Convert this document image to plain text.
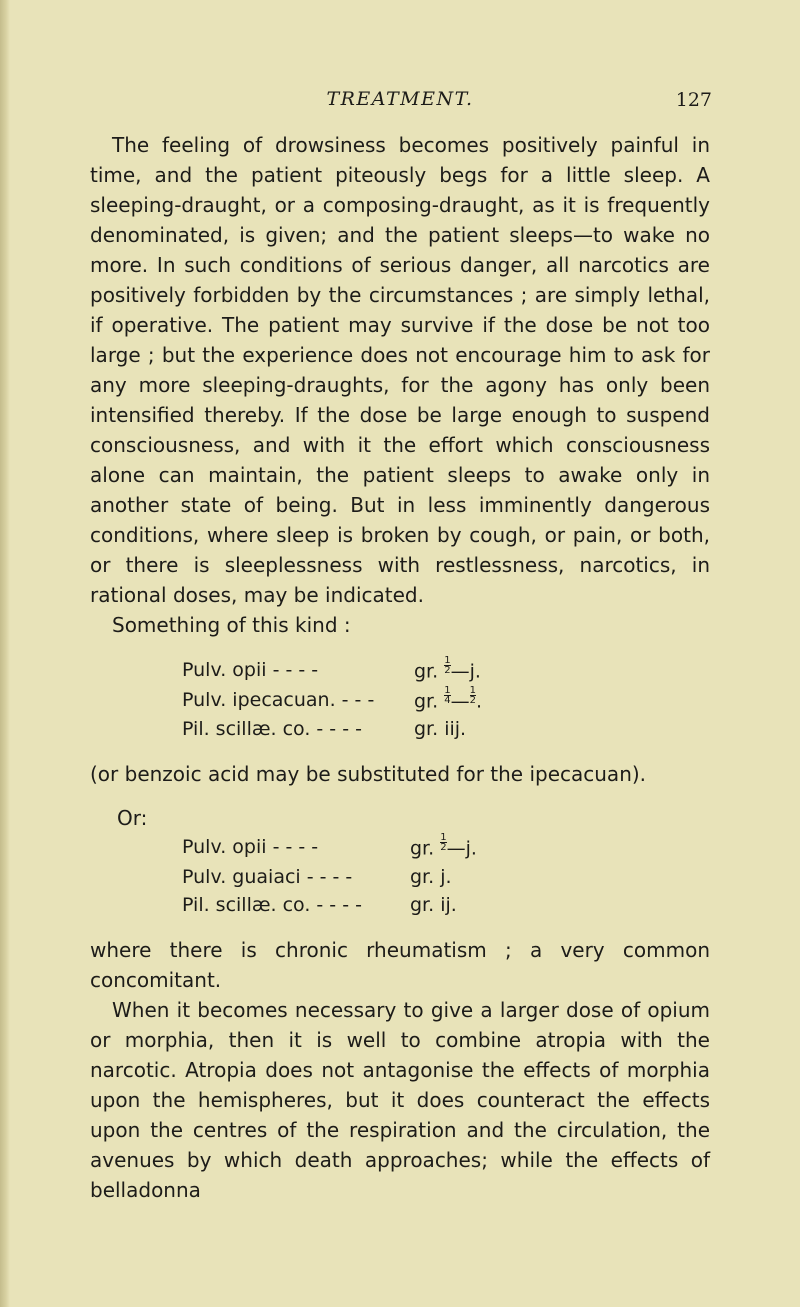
TREATMENT.	127

The feeling of drowsiness becomes positively painful in time, and the patient piteously begs for a little sleep. A sleeping-draught, or a composing-draught, as it is frequently denominated, is given; and the patient sleeps—to wake no more. In such conditions of serious danger, all narcotics are positively forbidden by the circumstances ; are simply lethal, if operative. The patient may survive if the dose be not too large ; but the experience does not encourage him to ask for any more sleeping-draughts, for the agony has only been intensified thereby. If the dose be large enough to suspend consciousness, and with it the effort which consciousness alone can maintain, the patient sleeps to awake only in another state of being. But in less imminently dangerous conditions, where sleep is broken by cough, or pain, or both, or there is sleeplessness with restlessness, narcotics, in rational doses, may be indicated.

Something of this kind :

Pulv. opii - - - -	gr. $\frac{1}{2}$ —j.
Pulv. ipecacuan. - - -	gr. $\frac{1}{4}$ — $\frac{1}{2}$ .
Pil. scillæ. co. - - - -	gr. iij.

(or benzoic acid may be substituted for the ipecacuan).

Or:
Pulv. opii - - - -	gr. $\frac{1}{2}$ —j.
Pulv. guaiaci - - - -	gr. j.
Pil. scillæ. co. - - - -	gr. ij.

where there is chronic rheumatism ; a very common concomitant.

When it becomes necessary to give a larger dose of opium or morphia, then it is well to combine atropia with the narcotic. Atropia does not antagonise the effects of morphia upon the hemispheres, but it does counteract the effects upon the centres of the respiration and the circulation, the avenues by which death approaches; while the effects of belladonna
